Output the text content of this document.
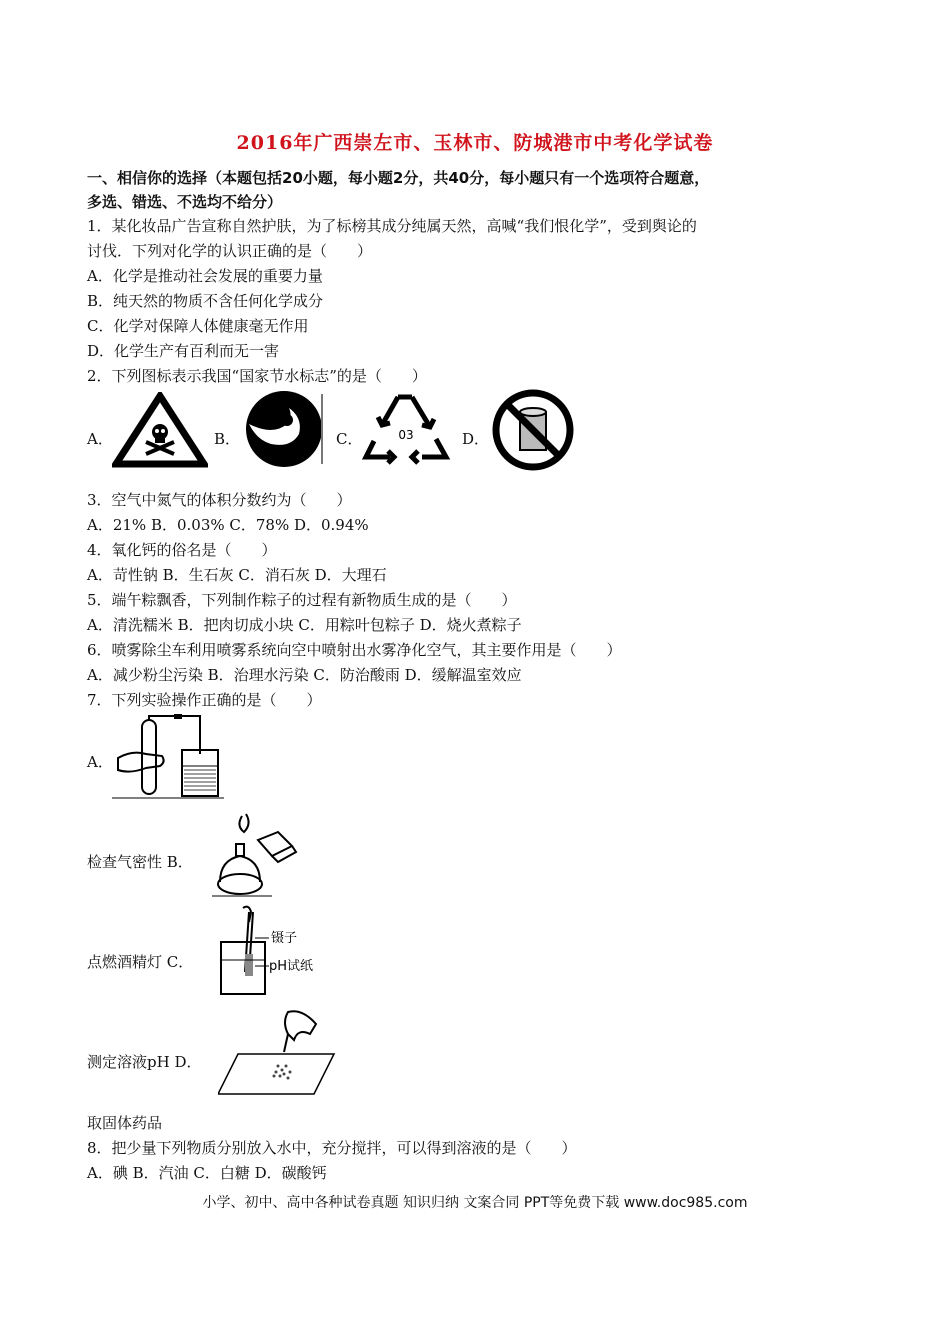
2016年广西崇左市、玉林市、防城港市中考化学试卷
一、相信你的选择（本题包括20小题，每小题2分，共40分，每小题只有一个选项符合题意，
多选、错选、不选均不给分）
1．某化妆品广告宣称自然护肤，为了标榜其成分纯属天然，高喊“我们恨化学”，受到舆论的
讨伐．下列对化学的认识正确的是（　　）
A．化学是推动社会发展的重要力量
B．纯天然的物质不含任何化学成分
C．化学对保障人体健康毫无作用
D．化学生产有百利而无一害
2．下列图标表示我国“国家节水标志”的是（　　）
A．	B．	C．	03	D．
3．空气中氮气的体积分数约为（　　）
A．21% B．0.03% C．78% D．0.94%
4．氧化钙的俗名是（　　）
A．苛性钠 B．生石灰 C．消石灰 D．大理石
5．端午粽飘香，下列制作粽子的过程有新物质生成的是（　　）
A．清洗糯米 B．把肉切成小块 C．用粽叶包粽子 D．烧火煮粽子
6．喷雾除尘车利用喷雾系统向空中喷射出水雾净化空气，其主要作用是（　　）
A．减少粉尘污染 B．治理水污染 C．防治酸雨 D．缓解温室效应
7．下列实验操作正确的是（　　）
A．
检查气密性 B．
点燃酒精灯 C．
镊子
pH试纸
测定溶液pH D．
取固体药品
8．把少量下列物质分别放入水中，充分搅拌，可以得到溶液的是（　　）
A．碘 B．汽油 C．白糖 D．碳酸钙
小学、初中、高中各种试卷真题 知识归纳 文案合同 PPT等免费下载 www.doc985.com
